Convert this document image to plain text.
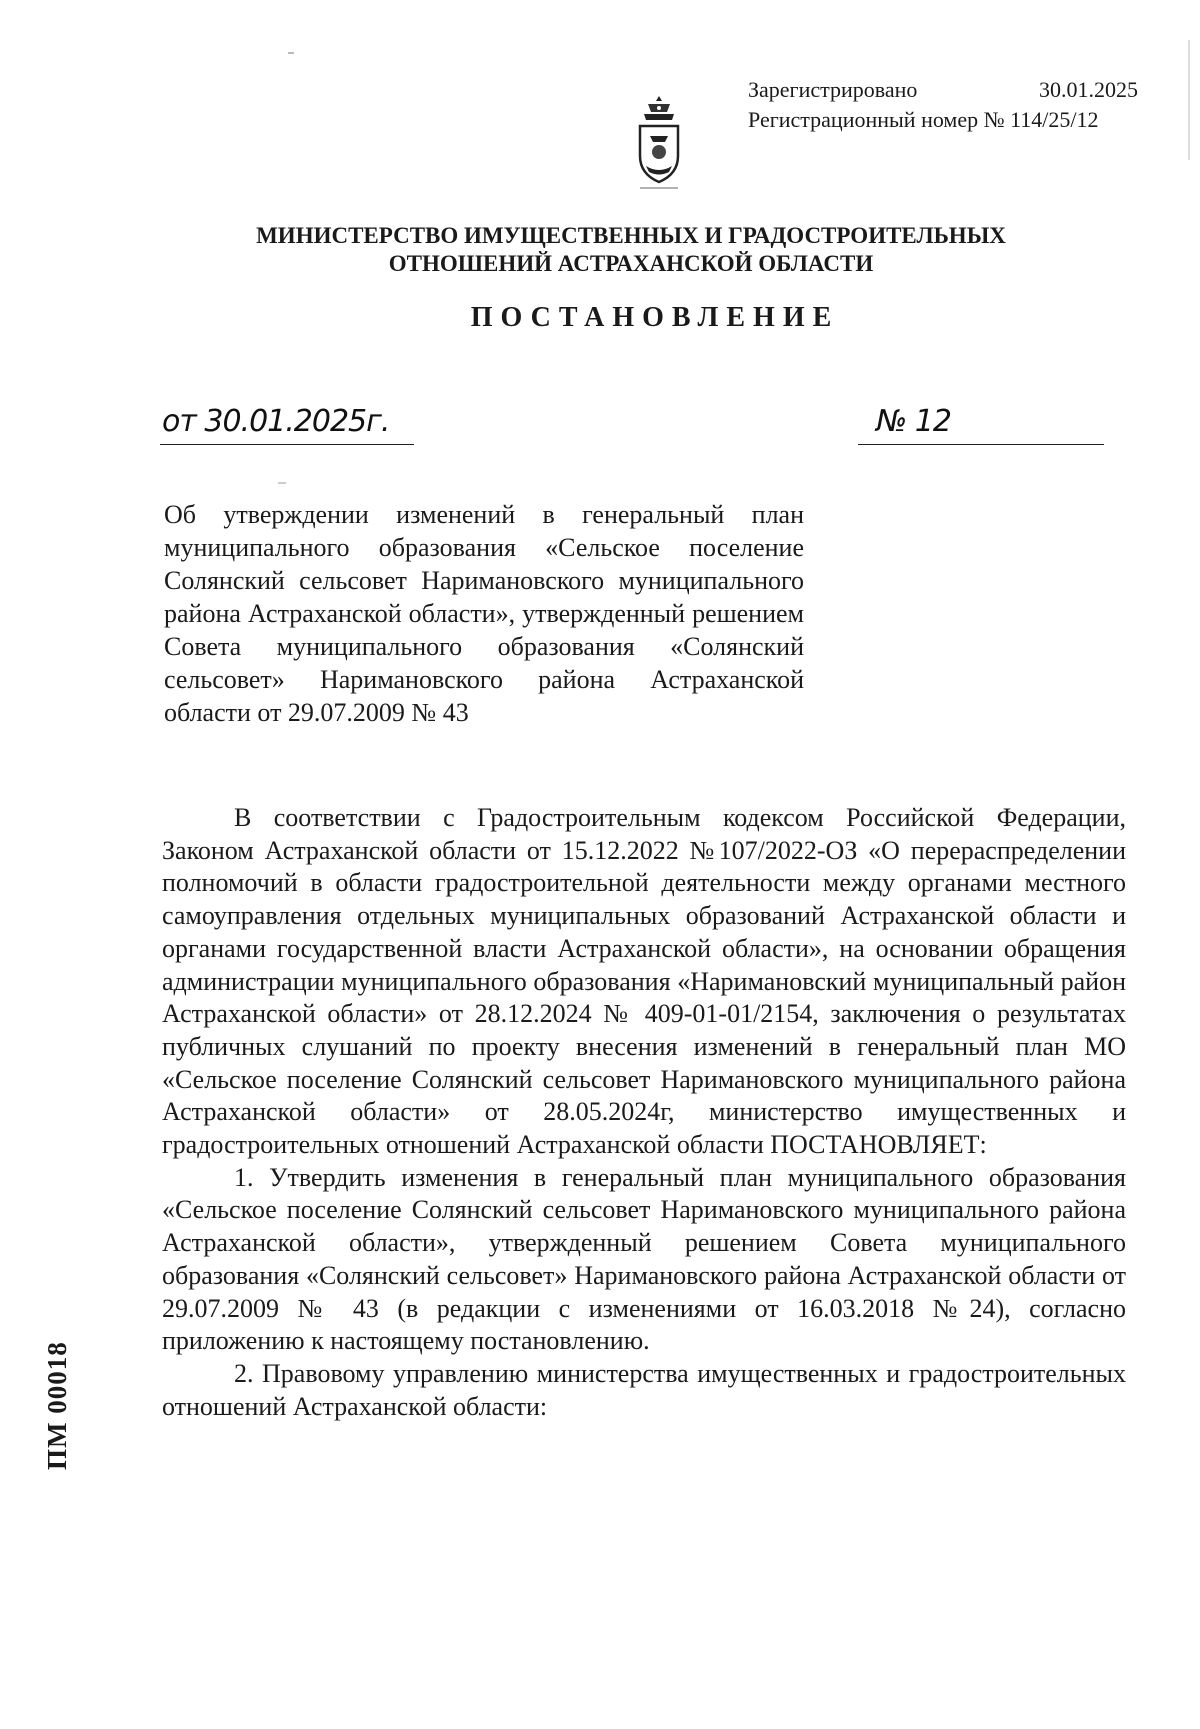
Зарегистрировано	30.01.2025
Регистрационный номер № 114/25/12
МИНИСТЕРСТВО ИМУЩЕСТВЕННЫХ И ГРАДОСТРОИТЕЛЬНЫХ
ОТНОШЕНИЙ АСТРАХАНСКОЙ ОБЛАСТИ
ПОСТАНОВЛЕНИЕ
от 30.01.2025г.	№ 12
Об утверждении изменений в генеральный план муниципального образования «Сельское поселение Солянский сельсовет Наримановского муниципального района Астраханской области», утвержденный решением Совета муниципального образования «Солянский сельсовет» Наримановского района Астраханской области от 29.07.2009 № 43

В соответствии с Градостроительным кодексом Российской Федерации, Законом Астраханской области от 15.12.2022 №107/2022-ОЗ «О перераспределении полномочий в области градостроительной деятельности между органами местного самоуправления отдельных муниципальных образований Астраханской области и органами государственной власти Астраханской области», на основании обращения администрации муниципального образования «Наримановский муниципальный район Астраханской области» от 28.12.2024 № 409-01-01/2154, заключения о результатах публичных слушаний по проекту внесения изменений в генеральный план МО «Сельское поселение Солянский сельсовет Наримановского муниципального района Астраханской области» от 28.05.2024г, министерство имущественных и градостроительных отношений Астраханской области ПОСТАНОВЛЯЕТ:

1. Утвердить изменения в генеральный план муниципального образования «Сельское поселение Солянский сельсовет Наримановского муниципального района Астраханской области», утвержденный решением Совета муниципального образования «Солянский сельсовет» Наримановского района Астраханской области от 29.07.2009 № 43 (в редакции с изменениями от 16.03.2018 №24), согласно приложению к настоящему постановлению.

2. Правовому управлению министерства имущественных и градостроительных отношений Астраханской области:

ПМ 00018
